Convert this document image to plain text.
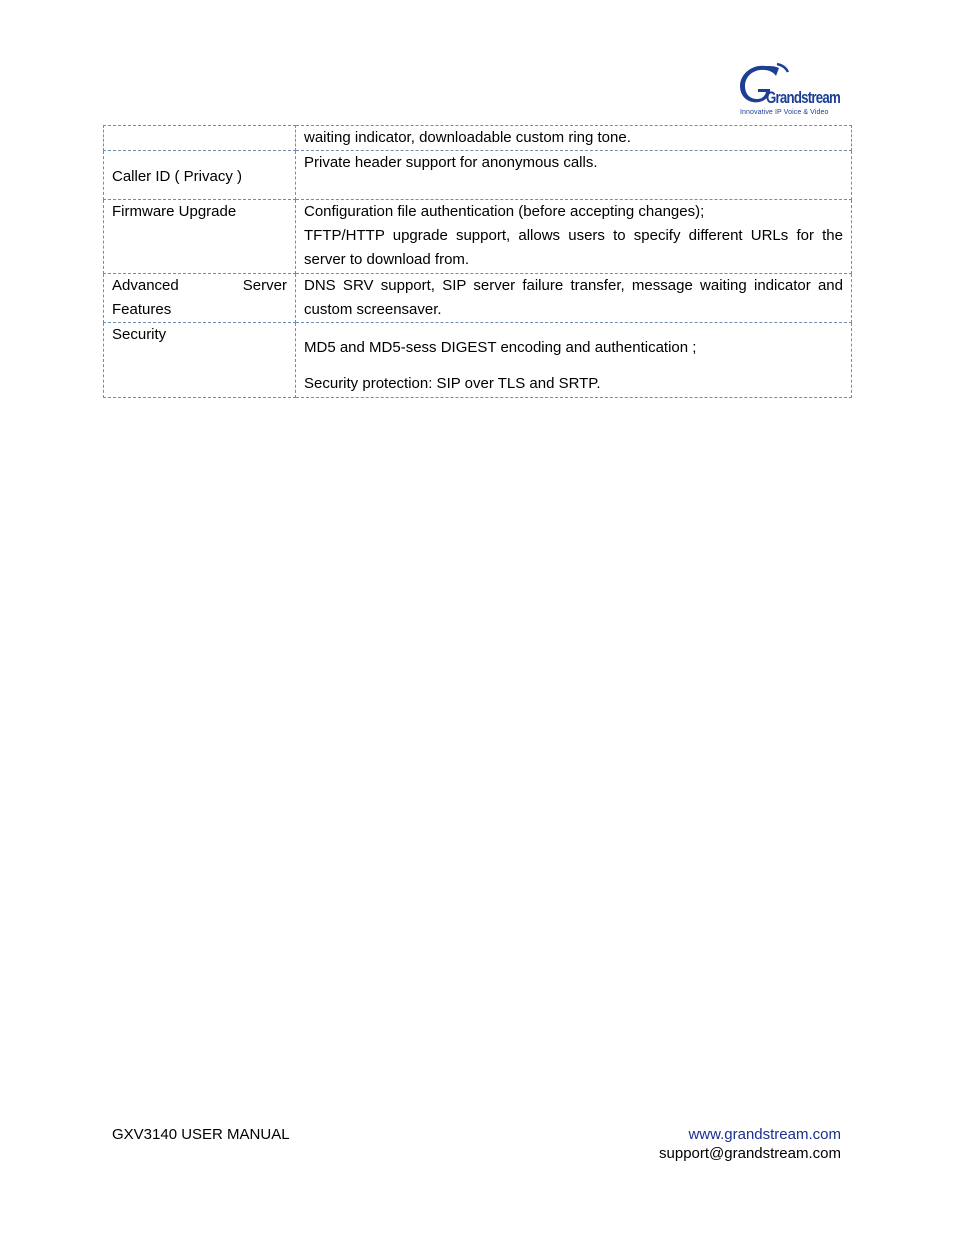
Grandstream
Innovative IP Voice & Video

	waiting indicator, downloadable custom ring tone.

Caller ID ( Privacy )	Private header support for anonymous calls.

Firmware Upgrade	Configuration file authentication (before accepting changes);
TFTP/HTTP upgrade support, allows users to specify different URLs for the server to download from.

Advanced Server Features	DNS SRV support, SIP server failure transfer, message waiting indicator and custom screensaver.

Security	MD5 and MD5-sess DIGEST encoding and authentication ;
Security protection: SIP over TLS and SRTP.
GXV3140 USER MANUAL	www.grandstream.com
support@grandstream.com
